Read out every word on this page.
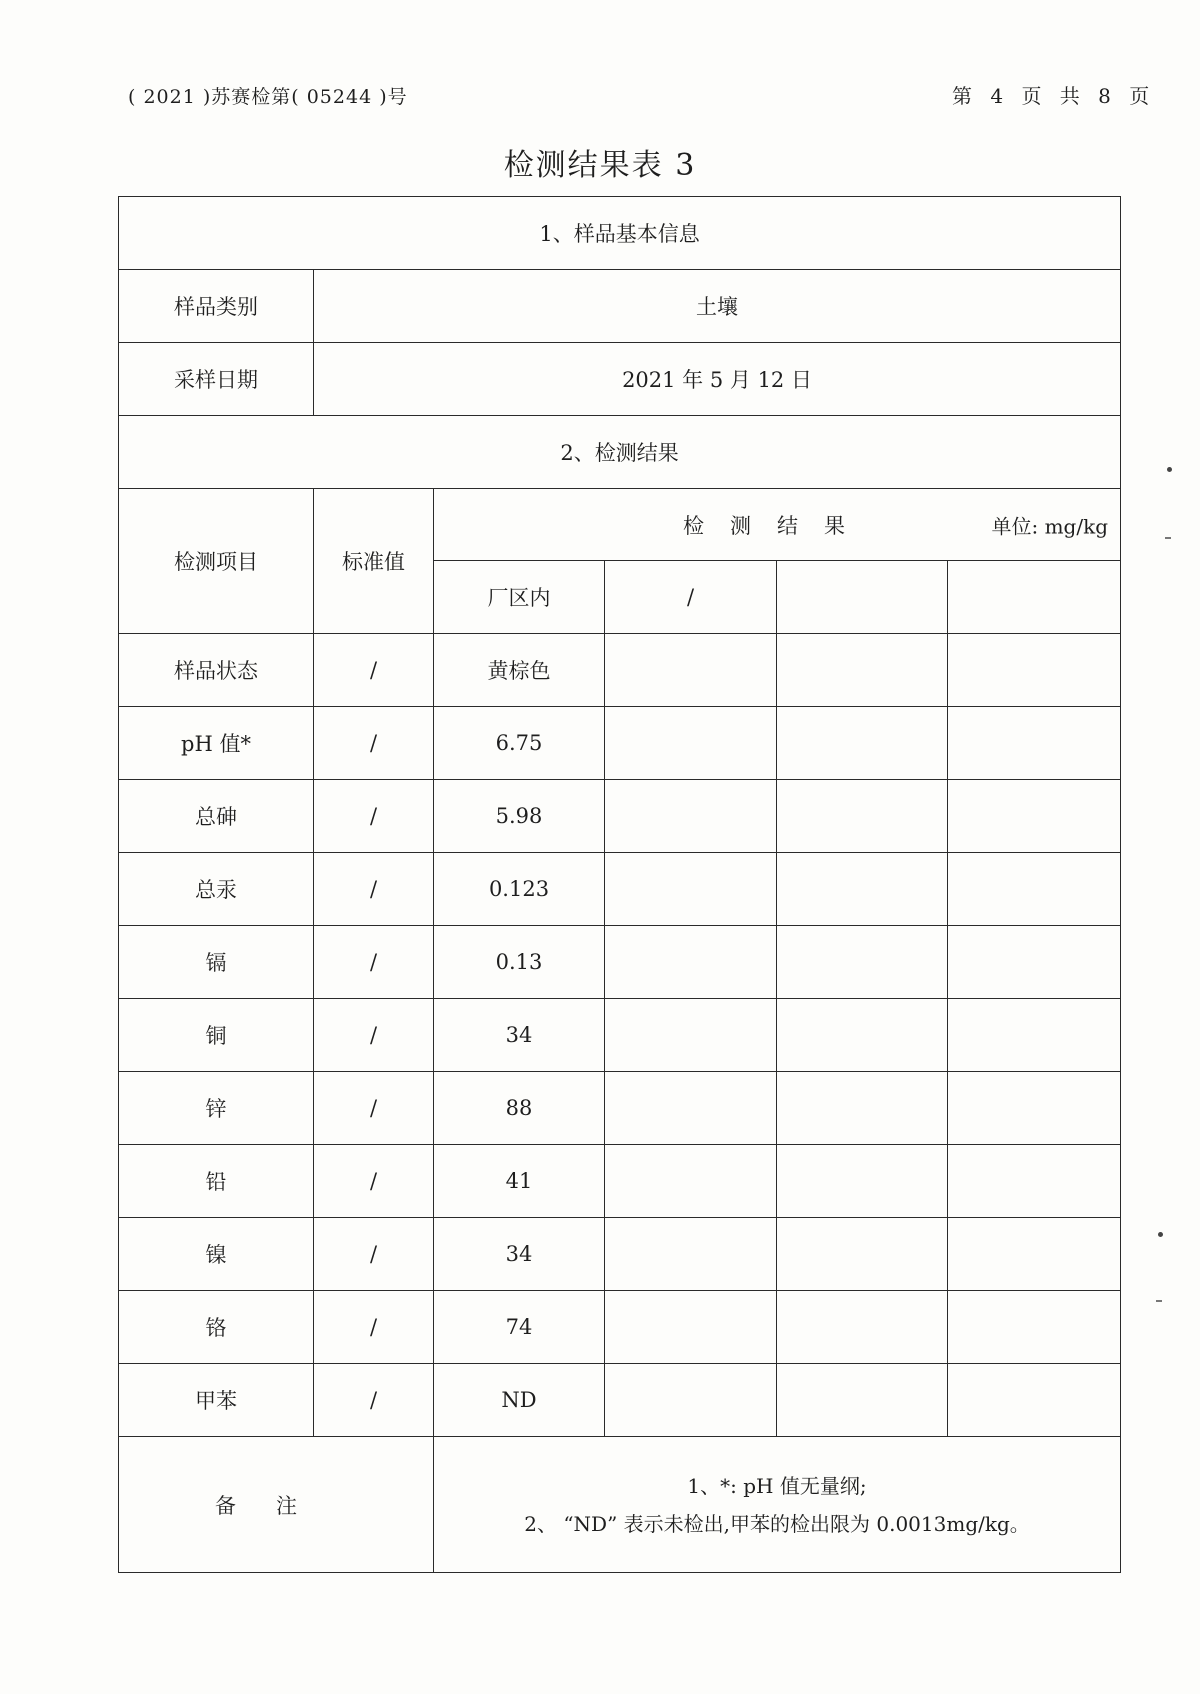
( 2021 )苏赛检第( 05244 )号	第 4 页 共 8 页
检测结果表 3
1、样品基本信息					
样品类别	土壤				
采样日期	2021 年 5 月 12 日				
2、检测结果					
检测项目	标准值	检测结果 单位: mg/kg			

		厂区内	/		
样品状态	/	黄棕色			
pH 值*	/	6.75			
总砷	/	5.98			
总汞	/	0.123			
镉	/	0.13			
铜	/	34			
锌	/	88			
铅	/	41			
镍	/	34			
铬	/	74			
甲苯	/	ND			
备注		1、*: pH 值无量纲;
2、 “ND” 表示未检出,甲苯的检出限为 0.0013mg/kg。			
